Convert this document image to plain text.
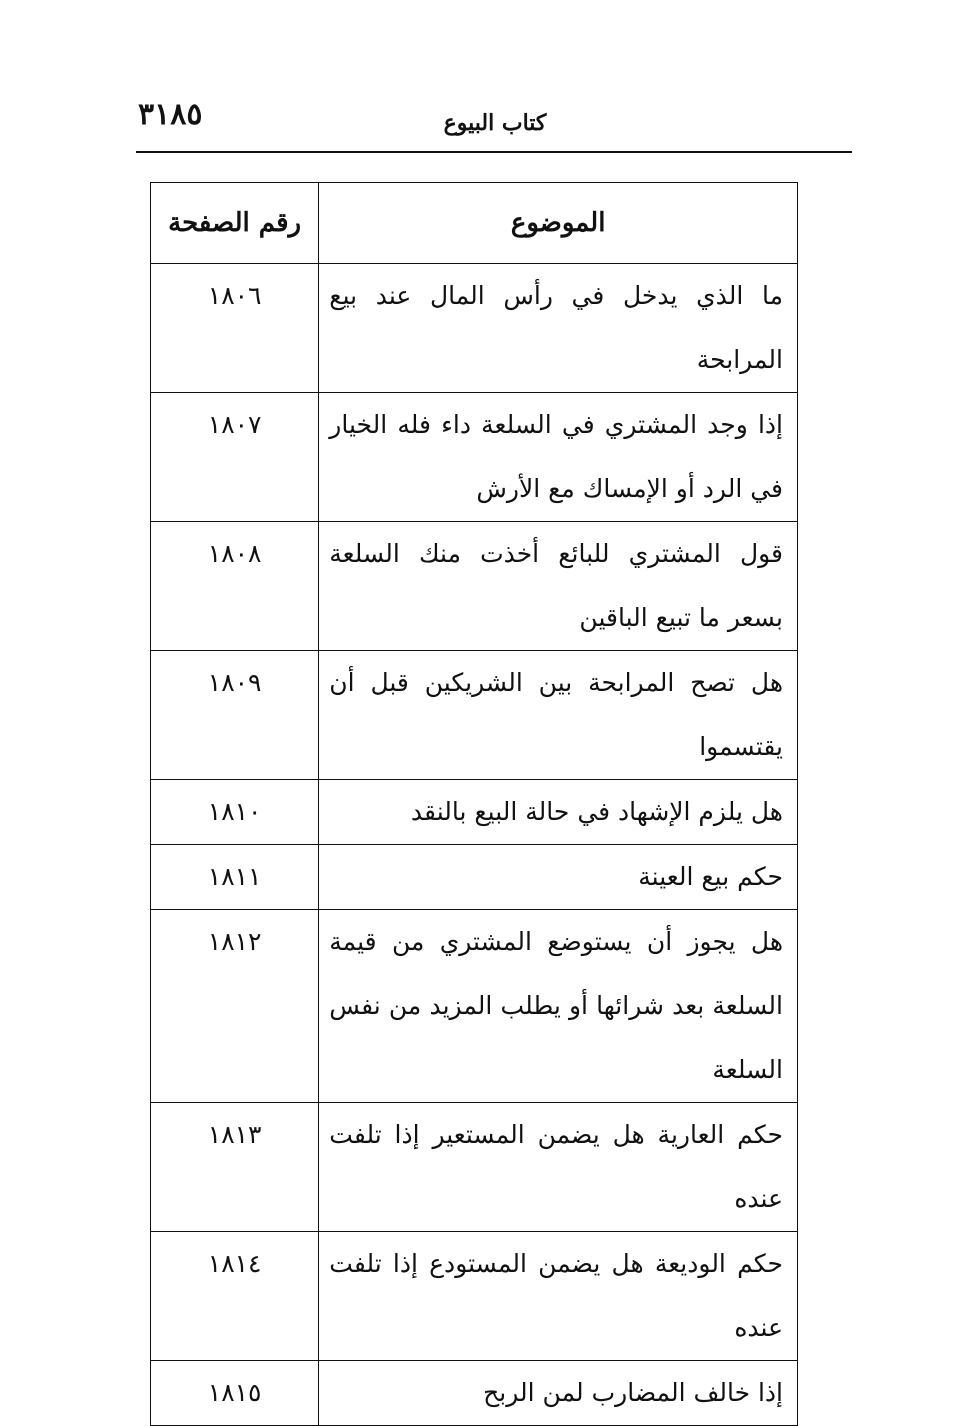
٣١٨٥	كتاب البيوع
الموضوع	رقم الصفحة
ما الذي يدخل في رأس المال عند بيع المرابحة	١٨٠٦
إذا وجد المشتري في السلعة داء فله الخيار في الرد أو الإمساك مع الأرش	١٨٠٧
قول المشتري للبائع أخذت منك السلعة بسعر ما تبيع الباقين	١٨٠٨
هل تصح المرابحة بين الشريكين قبل أن يقتسموا	١٨٠٩
هل يلزم الإشهاد في حالة البيع بالنقد	١٨١٠
حكم بيع العينة	١٨١١
هل يجوز أن يستوضع المشتري من قيمة السلعة بعد شرائها أو يطلب المزيد من نفس السلعة	١٨١٢
حكم العارية هل يضمن المستعير إذا تلفت عنده	١٨١٣
حكم الوديعة هل يضمن المستودع إذا تلفت عنده	١٨١٤
إذا خالف المضارب لمن الربح	١٨١٥
